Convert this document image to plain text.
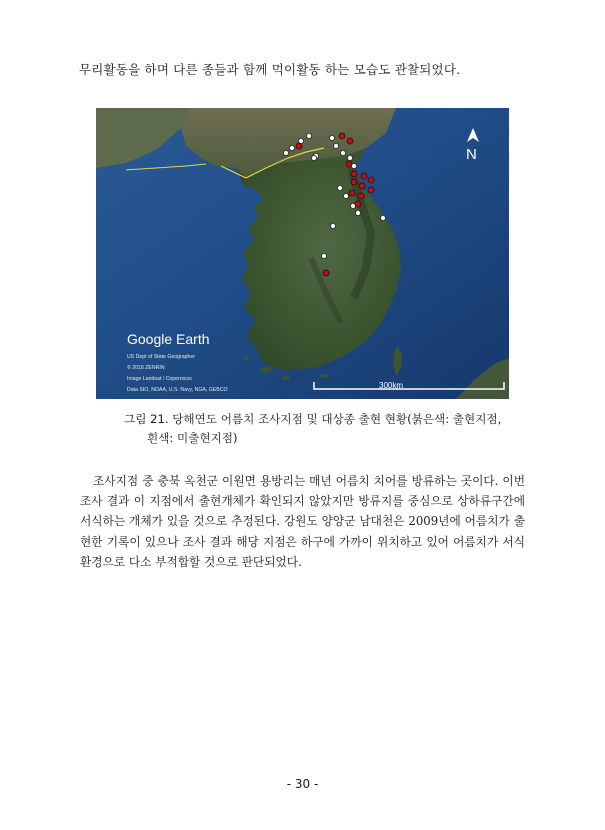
무리활동을 하며 다른 종들과 함께 먹이활동 하는 모습도 관찰되었다.
N
Google Earth
US Dept of State Geographer
© 2018 ZENRIN
Image Landsat / Copernicus
Data SIO, NOAA, U.S. Navy, NGA, GEBCO	300km
그림 21. 당해연도 어름치 조사지점 및 대상종 출현 현황(붉은색: 출현지점,
흰색: 미출현지점)
조사지점 중 충북 옥천군 이원면 용방리는 매년 어름치 치어를 방류하는 곳이다. 이번 조사 결과 이 지점에서 출현개체가 확인되지 않았지만 방류지를 중심으로 상하류구간에 서식하는 개체가 있을 것으로 추정된다. 강원도 양양군 남대천은 2009년에 어름치가 출현한 기록이 있으나 조사 결과 해당 지점은 하구에 가까이 위치하고 있어 어름치가 서식환경으로 다소 부적합할 것으로 판단되었다.
- 30 -
